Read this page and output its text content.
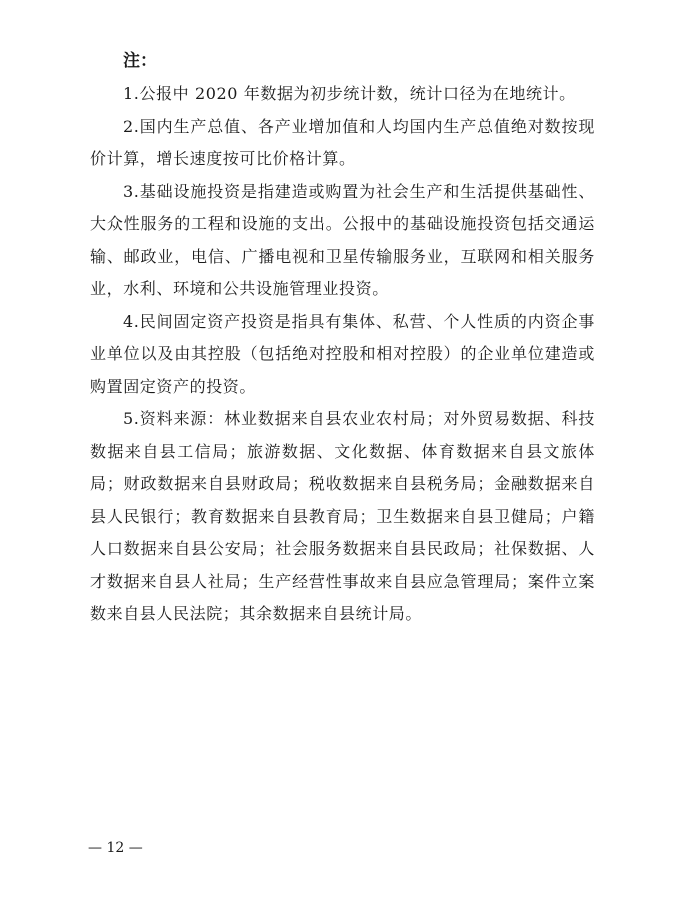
注：

1.公报中 2020 年数据为初步统计数，统计口径为在地统计。

2.国内生产总值、各产业增加值和人均国内生产总值绝对数按现价计算，增长速度按可比价格计算。

3.基础设施投资是指建造或购置为社会生产和生活提供基础性、大众性服务的工程和设施的支出。公报中的基础设施投资包括交通运输、邮政业，电信、广播电视和卫星传输服务业，互联网和相关服务业，水利、环境和公共设施管理业投资。

4.民间固定资产投资是指具有集体、私营、个人性质的内资企事业单位以及由其控股（包括绝对控股和相对控股）的企业单位建造或购置固定资产的投资。

5.资料来源：林业数据来自县农业农村局；对外贸易数据、科技数据来自县工信局；旅游数据、文化数据、体育数据来自县文旅体局；财政数据来自县财政局；税收数据来自县税务局；金融数据来自县人民银行；教育数据来自县教育局；卫生数据来自县卫健局；户籍人口数据来自县公安局；社会服务数据来自县民政局；社保数据、人才数据来自县人社局；生产经营性事故来自县应急管理局；案件立案数来自县人民法院；其余数据来自县统计局。

— 12 —
